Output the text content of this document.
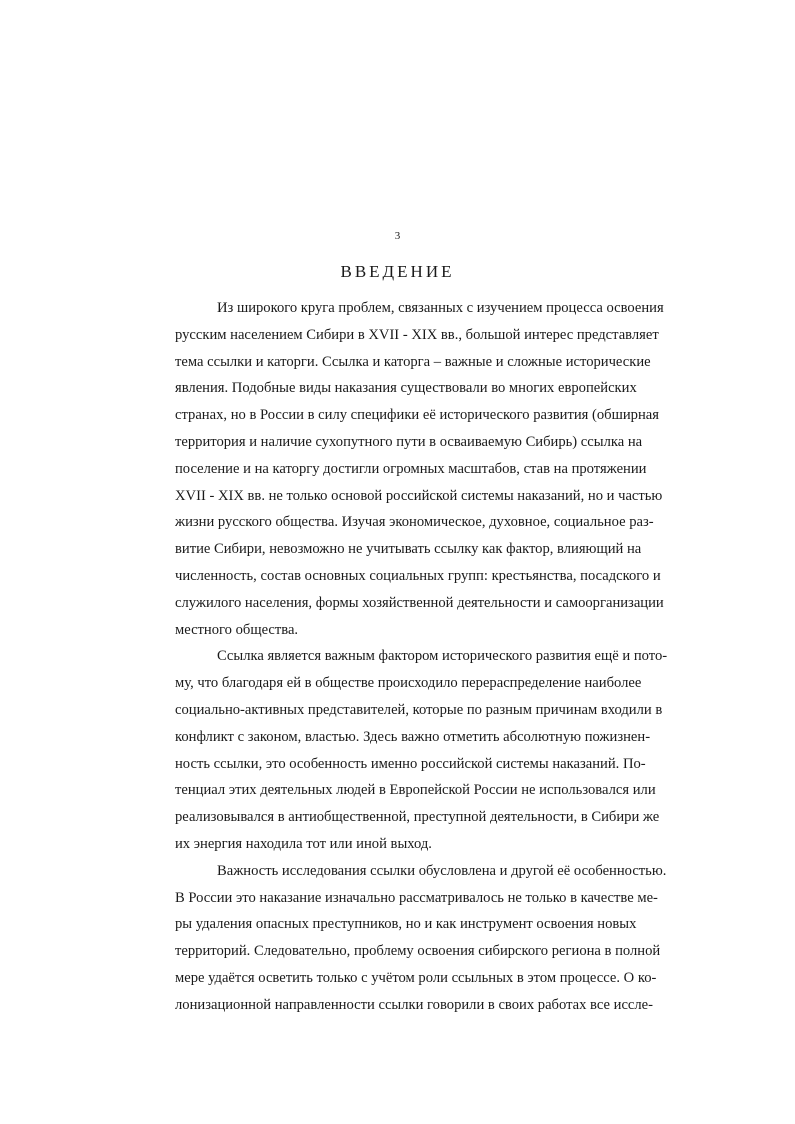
3
ВВЕДЕНИЕ
Из широкого круга проблем, связанных с изучением процесса освоения
русским населением Сибири в XVII - XIX вв., большой интерес представляет
тема ссылки и каторги. Ссылка и каторга – важные и сложные исторические
явления. Подобные виды наказания существовали во многих европейских
странах, но в России в силу специфики её исторического развития (обширная
территория и наличие сухопутного пути в осваиваемую Сибирь) ссылка на
поселение и на каторгу достигли огромных масштабов, став на протяжении
XVII - XIX вв. не только основой российской системы наказаний, но и частью
жизни русского общества. Изучая экономическое, духовное, социальное раз-
витие Сибири, невозможно не учитывать ссылку как фактор, влияющий на
численность, состав основных социальных групп: крестьянства, посадского и
служилого населения, формы хозяйственной деятельности и самоорганизации
местного общества.
Ссылка является важным фактором исторического развития ещё и пото-
му, что благодаря ей в обществе происходило перераспределение наиболее
социально-активных представителей, которые по разным причинам входили в
конфликт с законом, властью. Здесь важно отметить абсолютную пожизнен-
ность ссылки, это особенность именно российской системы наказаний. По-
тенциал этих деятельных людей в Европейской России не использовался или
реализовывался в антиобщественной, преступной деятельности, в Сибири же
их энергия находила тот или иной выход.
Важность исследования ссылки обусловлена и другой её особенностью.
В России это наказание изначально рассматривалось не только в качестве ме-
ры удаления опасных преступников, но и как инструмент освоения новых
территорий. Следовательно, проблему освоения сибирского региона в полной
мере удаётся осветить только с учётом роли ссыльных в этом процессе. О ко-
лонизационной направленности ссылки говорили в своих работах все иссле-
